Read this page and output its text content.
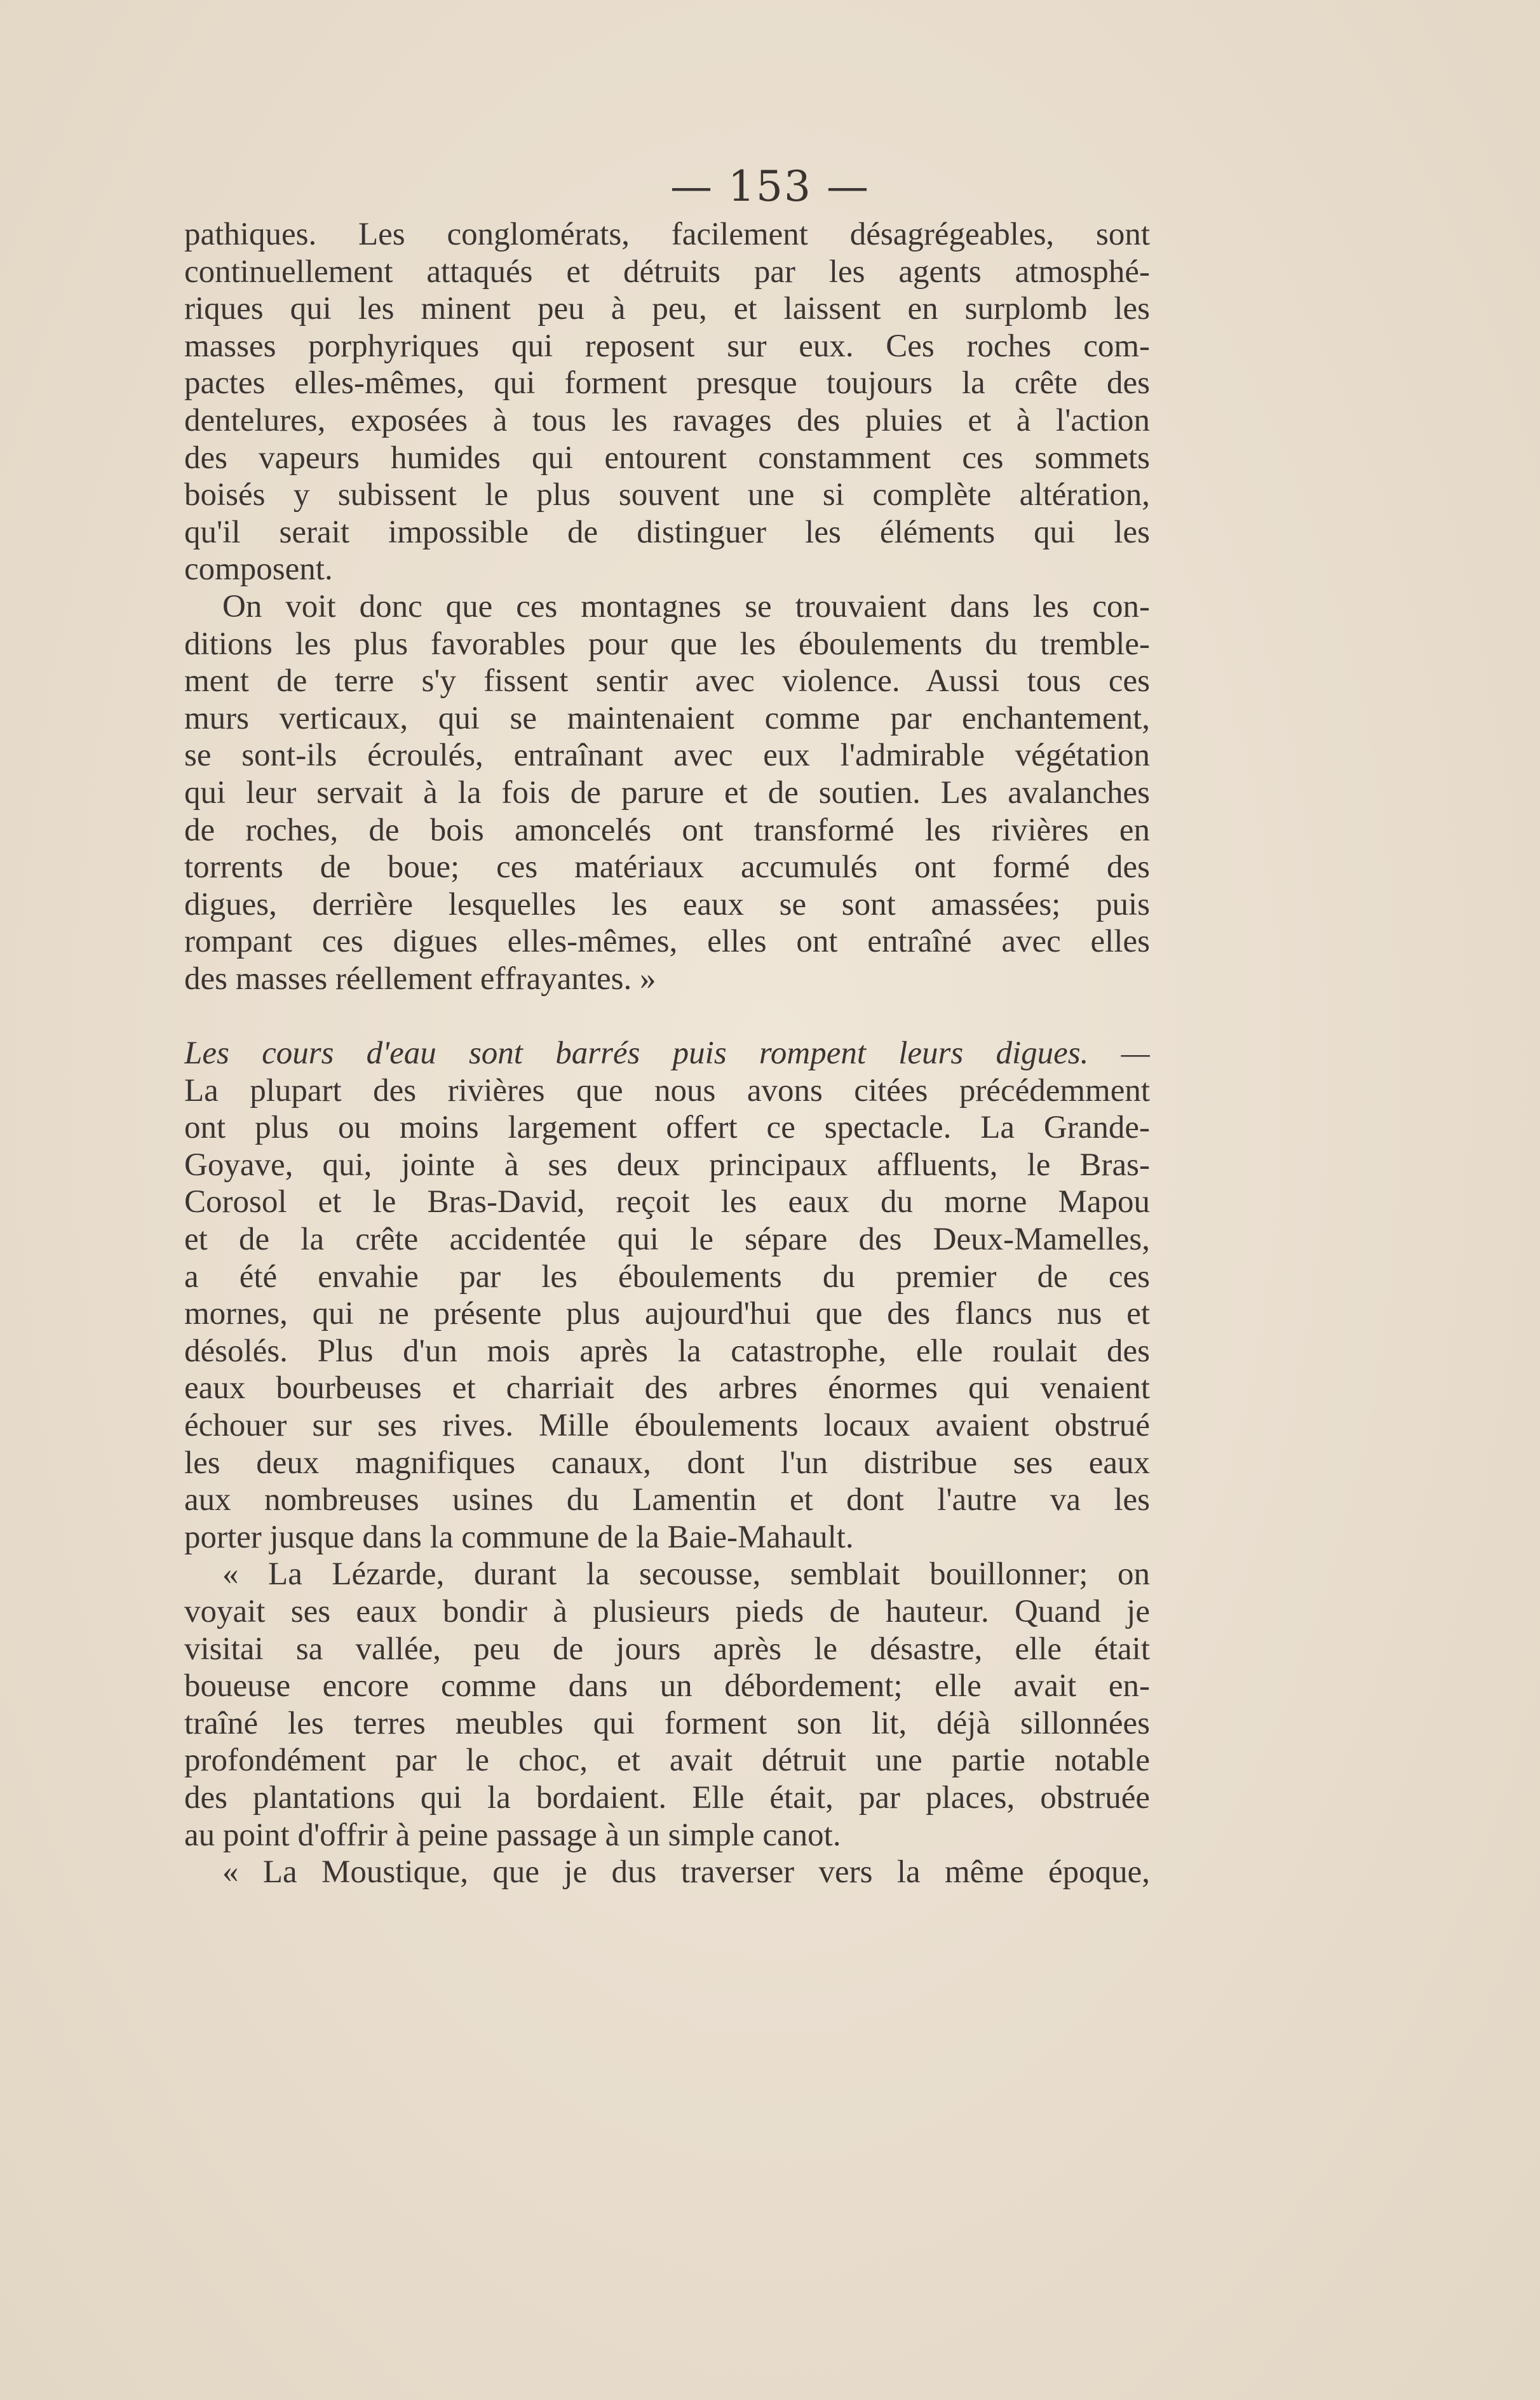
— 153 —
pathiques. Les conglomérats, facilement désagrégeables, sont
continuellement attaqués et détruits par les agents atmosphé-
riques qui les minent peu à peu, et laissent en surplomb les
masses porphyriques qui reposent sur eux. Ces roches com-
pactes elles-mêmes, qui forment presque toujours la crête des
dentelures, exposées à tous les ravages des pluies et à l'action
des vapeurs humides qui entourent constamment ces sommets
boisés y subissent le plus souvent une si complète altération,
qu'il serait impossible de distinguer les éléments qui les
composent.
On voit donc que ces montagnes se trouvaient dans les con-
ditions les plus favorables pour que les éboulements du tremble-
ment de terre s'y fissent sentir avec violence. Aussi tous ces
murs verticaux, qui se maintenaient comme par enchantement,
se sont-ils écroulés, entraînant avec eux l'admirable végétation
qui leur servait à la fois de parure et de soutien. Les avalanches
de roches, de bois amoncelés ont transformé les rivières en
torrents de boue; ces matériaux accumulés ont formé des
digues, derrière lesquelles les eaux se sont amassées; puis
rompant ces digues elles-mêmes, elles ont entraîné avec elles
des masses réellement effrayantes. »
Les cours d'eau sont barrés puis rompent leurs digues. —
La plupart des rivières que nous avons citées précédemment
ont plus ou moins largement offert ce spectacle. La Grande-
Goyave, qui, jointe à ses deux principaux affluents, le Bras-
Corosol et le Bras-David, reçoit les eaux du morne Mapou
et de la crête accidentée qui le sépare des Deux-Mamelles,
a été envahie par les éboulements du premier de ces
mornes, qui ne présente plus aujourd'hui que des flancs nus et
désolés. Plus d'un mois après la catastrophe, elle roulait des
eaux bourbeuses et charriait des arbres énormes qui venaient
échouer sur ses rives. Mille éboulements locaux avaient obstrué
les deux magnifiques canaux, dont l'un distribue ses eaux
aux nombreuses usines du Lamentin et dont l'autre va les
porter jusque dans la commune de la Baie-Mahault.
« La Lézarde, durant la secousse, semblait bouillonner; on
voyait ses eaux bondir à plusieurs pieds de hauteur. Quand je
visitai sa vallée, peu de jours après le désastre, elle était
boueuse encore comme dans un débordement; elle avait en-
traîné les terres meubles qui forment son lit, déjà sillonnées
profondément par le choc, et avait détruit une partie notable
des plantations qui la bordaient. Elle était, par places, obstruée
au point d'offrir à peine passage à un simple canot.
« La Moustique, que je dus traverser vers la même époque,
